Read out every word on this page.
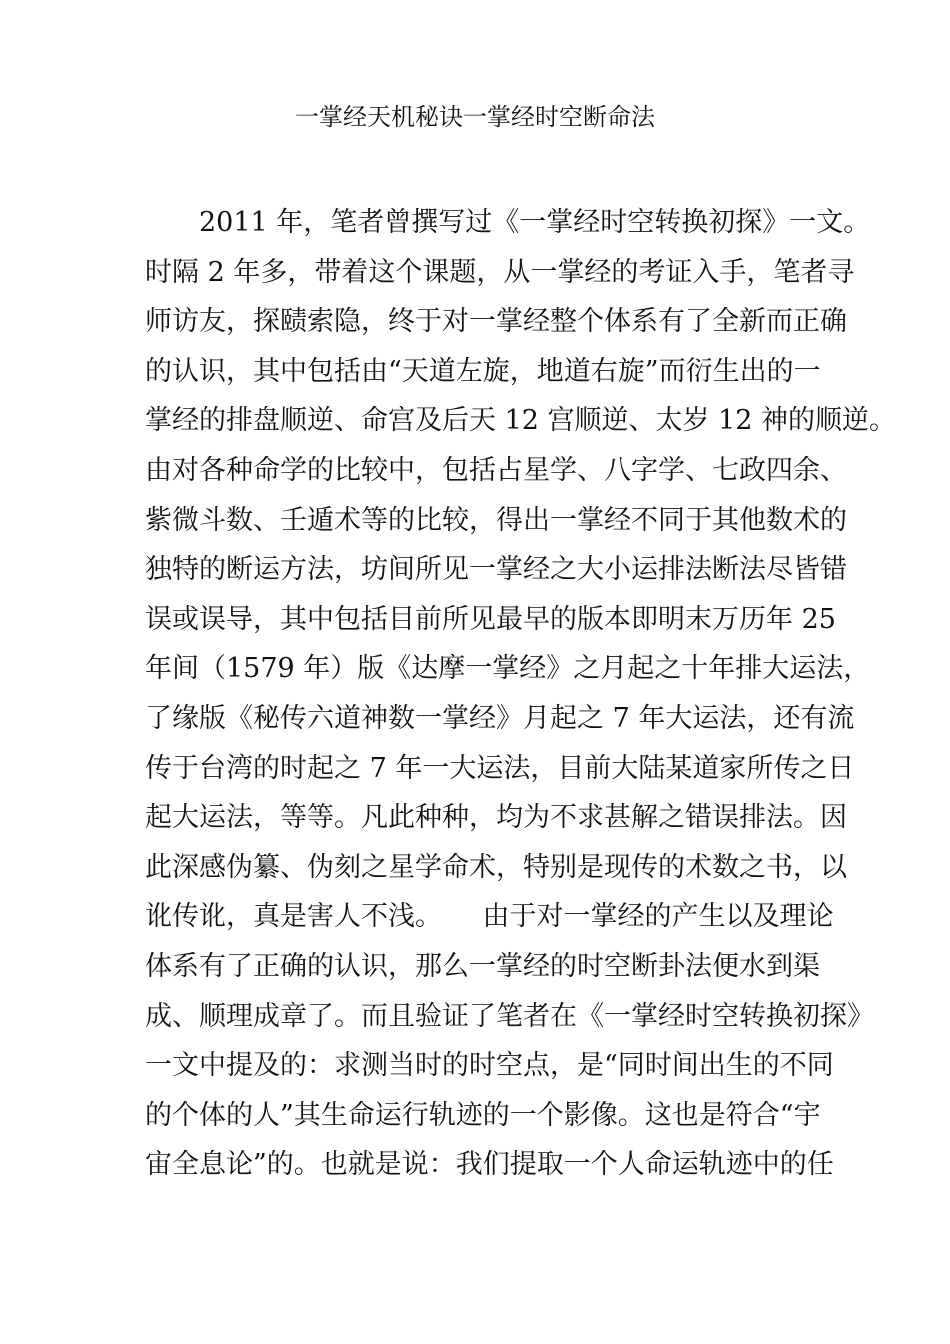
一掌经天机秘诀一掌经时空断命法
　　2011 年，笔者曾撰写过《一掌经时空转换初探》一文。
时隔 2 年多，带着这个课题，从一掌经的考证入手，笔者寻
师访友，探赜索隐，终于对一掌经整个体系有了全新而正确
的认识，其中包括由“天道左旋，地道右旋”而衍生出的一
掌经的排盘顺逆、命宫及后天 12 宫顺逆、太岁 12 神的顺逆。
由对各种命学的比较中，包括占星学、八字学、七政四余、
紫微斗数、壬遁术等的比较，得出一掌经不同于其他数术的
独特的断运方法，坊间所见一掌经之大小运排法断法尽皆错
误或误导，其中包括目前所见最早的版本即明末万历年 25
年间（1579 年）版《达摩一掌经》之月起之十年排大运法，
了缘版《秘传六道神数一掌经》月起之 7 年大运法，还有流
传于台湾的时起之 7 年一大运法，目前大陆某道家所传之日
起大运法，等等。凡此种种，均为不求甚解之错误排法。因
此深感伪纂、伪刻之星学命术，特别是现传的术数之书，以
讹传讹，真是害人不浅。　　由于对一掌经的产生以及理论
体系有了正确的认识，那么一掌经的时空断卦法便水到渠
成、顺理成章了。而且验证了笔者在《一掌经时空转换初探》
一文中提及的：求测当时的时空点，是“同时间出生的不同
的个体的人”其生命运行轨迹的一个影像。这也是符合“宇
宙全息论”的。也就是说：我们提取一个人命运轨迹中的任
